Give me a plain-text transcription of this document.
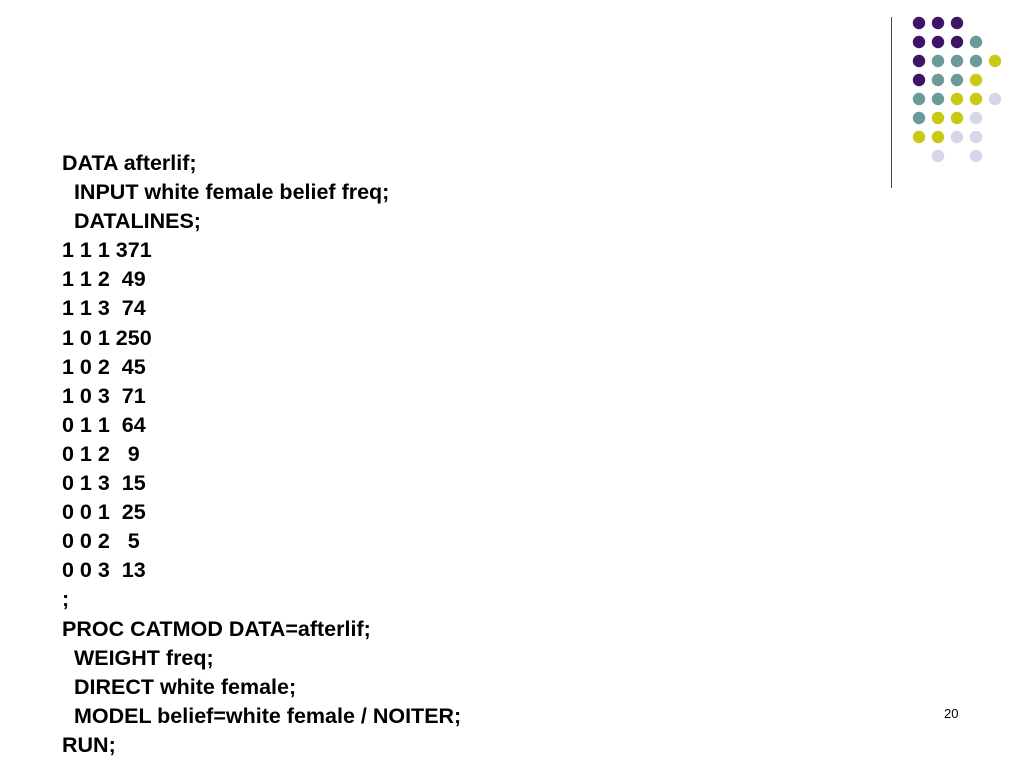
DATA afterlif;
INPUT white female belief freq;
DATALINES;
1 1 1 371
1 1 2  49
1 1 3  74
1 0 1 250
1 0 2  45
1 0 3  71
0 1 1  64
0 1 2   9
0 1 3  15
0 0 1  25
0 0 2   5
0 0 3  13
;
PROC CATMOD DATA=afterlif;
WEIGHT freq;
DIRECT white female;
MODEL belief=white female / NOITER;
RUN;
20
